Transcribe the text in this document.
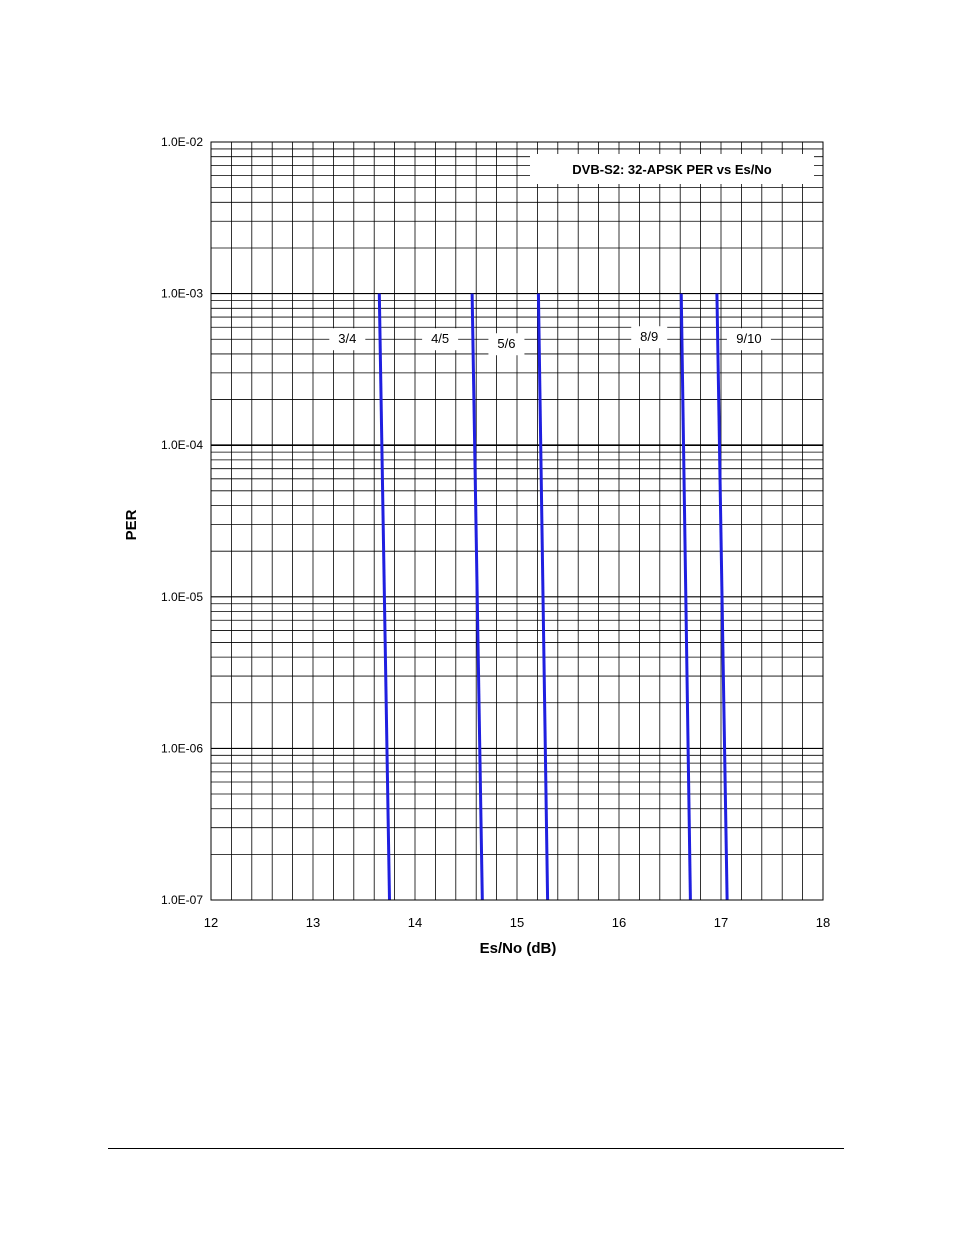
3/4	4/5	5/6	8/9	9/10
1.0E-07
1.0E-06
1.0E-05
1.0E-04
1.0E-03
1.0E-02
12	13	14	15	16	17	18
DVB-S2: 32-APSK PER vs Es/No
Es/No (dB)
PER
